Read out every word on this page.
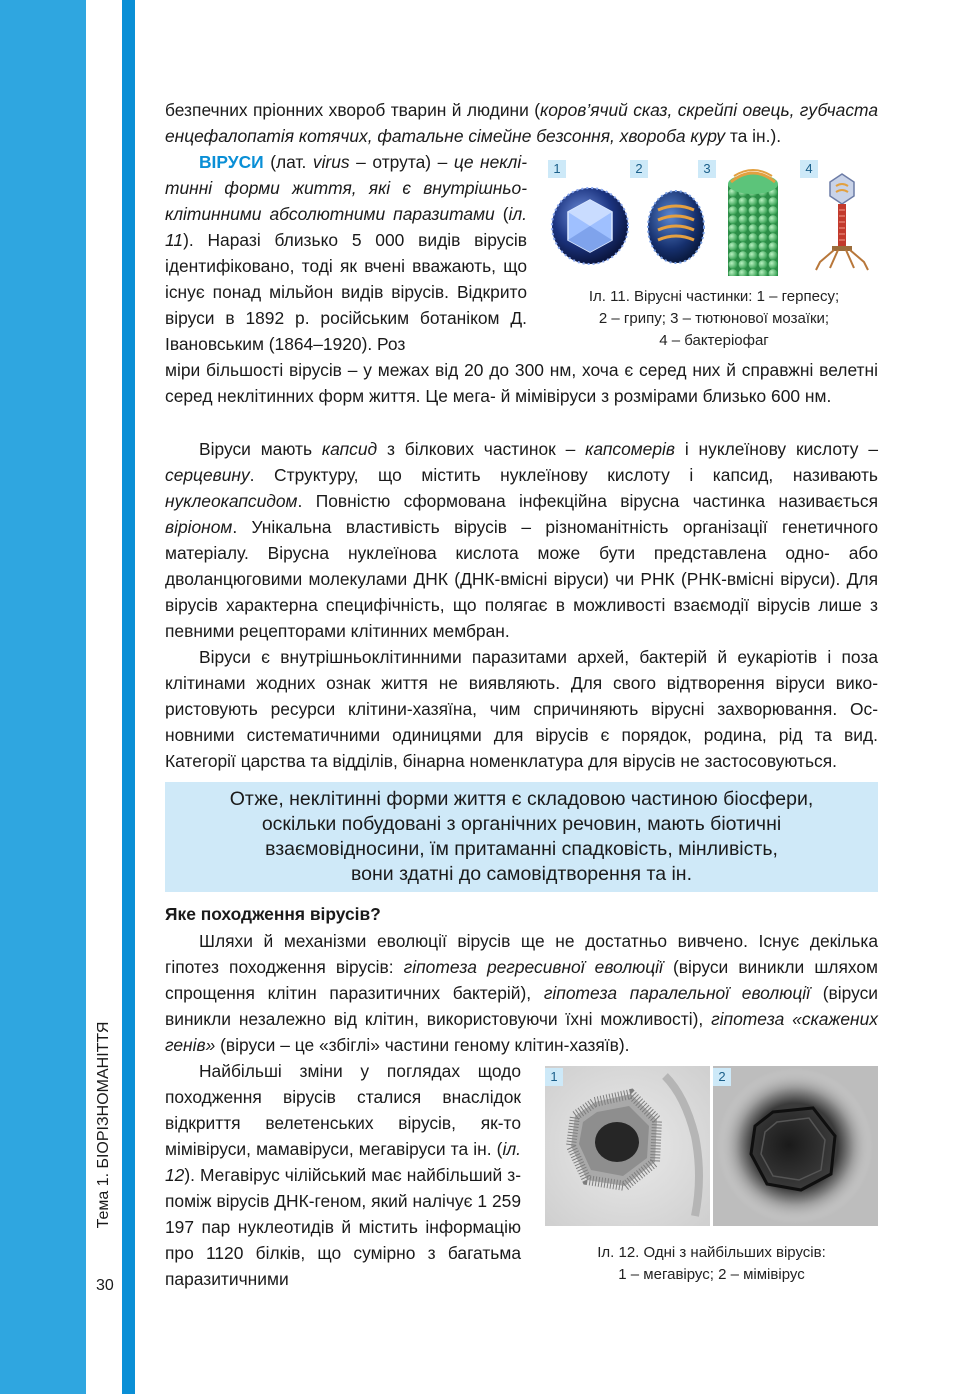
Тема 1. БІОРІЗНОМАНІТТЯ
30

безпечних пріонних хвороб тварин й людини (коров’ячий сказ, скрейпі овець, губчаста енцефалопатія котячих, фатальне сімейне безсоння, хвороба куру та ін.).

ВІРУСИ (лат. virus – отрута) – це неклітинні форми життя, які є внутрішньоклітинними абсолютними паразитами (іл. 11). Наразі близько 5 000 видів вірусів ідентифіковано, тоді як вчені вважають, що існує понад мільйон видів вірусів. Відкрито віруси в 1892 р. російським ботаніком Д. Івановським (1864–1920). Роз

міри більшості вірусів – у межах від 20 до 300 нм, хоча є серед них й справжні велетні серед неклітинних форм життя. Це мега- й мімівіруси з розмірами близько 600 нм.

1	2	3	4
Іл. 11. Вірусні частинки: 1 – герпесу;
2 – грипу; 3 – тютюнової мозаїки;
4 – бактеріофаг

Віруси мають капсид з білкових частинок – капсомерів і нуклеїнову кислоту – серцевину. Структуру, що містить нуклеїнову кислоту і капсид, називають нуклеокапсидом. Повністю сформована інфекційна вірусна частинка називається віріоном. Унікальна властивість вірусів – різноманітність організації генетичного матеріалу. Вірусна нуклеїнова кислота може бути представлена одно- або дволанцюговими молекулами ДНК (ДНК-вмісні віруси) чи РНК (РНК-вмісні віруси). Для вірусів характерна специфічність, що полягає в можливості взаємодії вірусів лише з певними рецепторами клітинних мембран.

Віруси є внутрішньоклітинними паразитами архей, бактерій й еукаріотів і поза клітинами жодних ознак життя не виявляють. Для свого відтворення віруси використовують ресурси клітини-хазяїна, чим спричиняють вірусні захворювання. Основними систематичними одиницями для вірусів є порядок, родина, рід та вид. Категорії царства та відділів, бінарна номенклатура для вірусів не застосовуються.

Отже, неклітинні форми життя є складовою частиною біосфери,
оскільки побудовані з органічних речовин, мають біотичні
взаємовідносини, їм притаманні спадковість, мінливість,
вони здатні до самовідтворення та ін.
Яке походження вірусів?

Шляхи й механізми еволюції вірусів ще не достатньо вивчено. Існує декілька гіпотез походження вірусів: гіпотеза регресивної еволюції (віруси виникли шляхом спрощення клітин паразитичних бактерій), гіпотеза паралельної еволюції (віруси виникли незалежно від клітин, використовуючи їхні можливості), гіпотеза «скажених генів» (віруси – це «збіглі» частини геному клітин-хазяїв).

Найбільші зміни у поглядах щодо походження вірусів сталися внаслідок відкриття велетенських вірусів, як-то мімівіруси, мамавіруси, мегавіруси та ін. (іл. 12). Мегавірус чілійський має найбільший з-поміж вірусів ДНК-геном, який налічує 1 259 197 пар нуклеотидів й містить інформацію про 1120 білків, що сумірно з багатьма паразитичними

1	2
Іл. 12. Одні з найбільших вірусів:
1 – мегавірус; 2 – мімівірус
